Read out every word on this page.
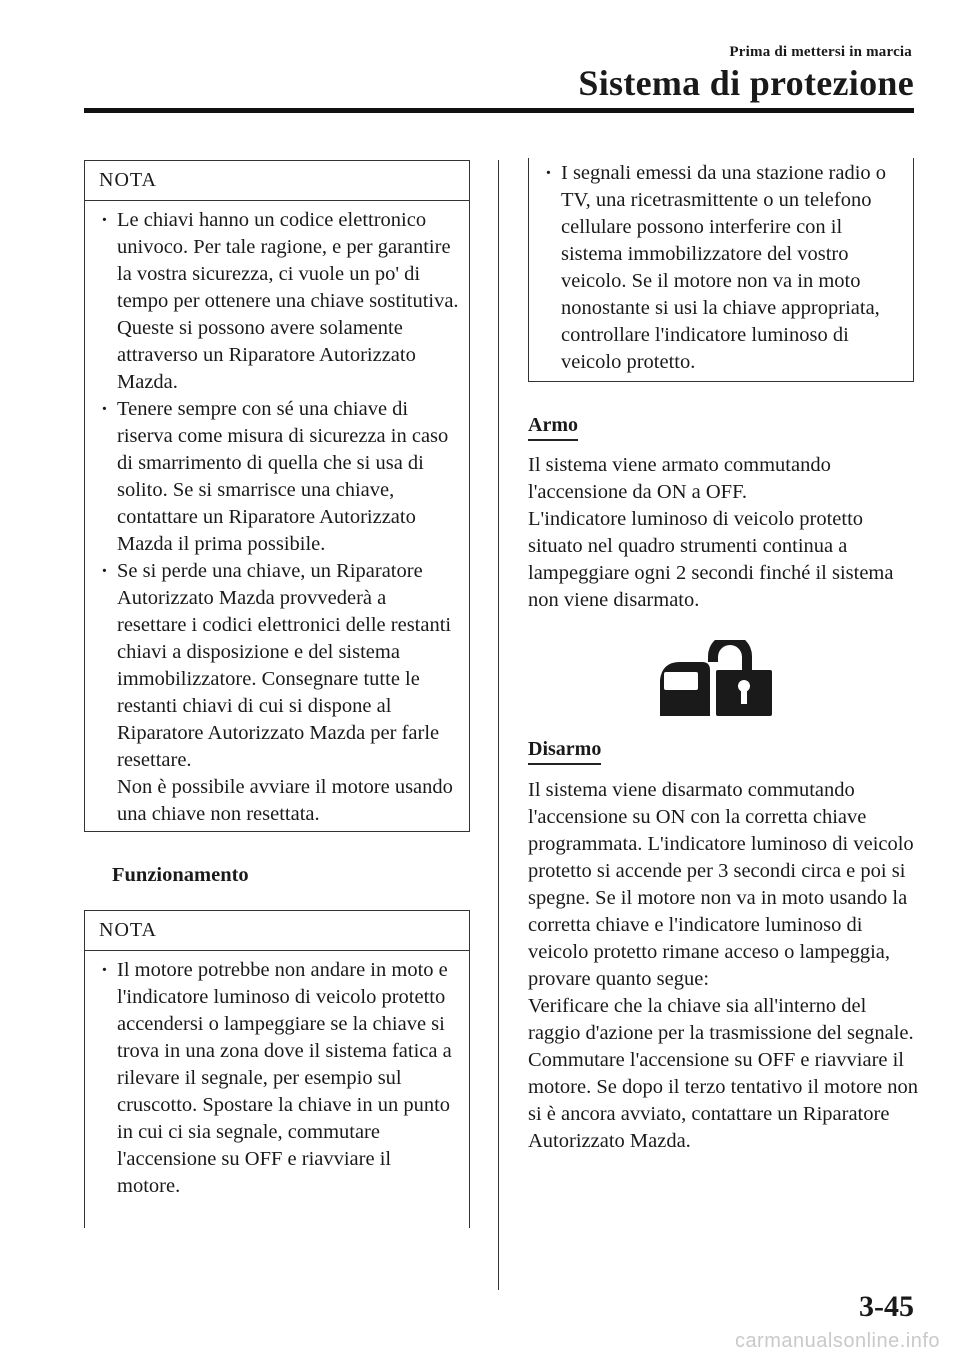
Prima di mettersi in marcia
Sistema di protezione
NOTA
· Le chiavi hanno un codice elettronico univoco. Per tale ragione, e per garantire la vostra sicurezza, ci vuole un po' di tempo per ottenere una chiave sostitutiva. Queste si possono avere solamente attraverso un Riparatore Autorizzato Mazda.
· Tenere sempre con sé una chiave di riserva come misura di sicurezza in caso di smarrimento di quella che si usa di solito. Se si smarrisce una chiave, contattare un Riparatore Autorizzato Mazda il prima possibile.
· Se si perde una chiave, un Riparatore Autorizzato Mazda provvederà a resettare i codici elettronici delle restanti chiavi a disposizione e del sistema immobilizzatore. Consegnare tutte le restanti chiavi di cui si dispone al Riparatore Autorizzato Mazda per farle resettare.
Non è possibile avviare il motore usando una chiave non resettata.
Funzionamento
NOTA
· Il motore potrebbe non andare in moto e l'indicatore luminoso di veicolo protetto accendersi o lampeggiare se la chiave si trova in una zona dove il sistema fatica a rilevare il segnale, per esempio sul cruscotto. Spostare la chiave in un punto in cui ci sia segnale, commutare l'accensione su OFF e riavviare il motore.
· I segnali emessi da una stazione radio o TV, una ricetrasmittente o un telefono cellulare possono interferire con il sistema immobilizzatore del vostro veicolo. Se il motore non va in moto nonostante si usi la chiave appropriata, controllare l'indicatore luminoso di veicolo protetto.
Armo
Il sistema viene armato commutando l'accensione da ON a OFF.
L'indicatore luminoso di veicolo protetto situato nel quadro strumenti continua a lampeggiare ogni 2 secondi finché il sistema non viene disarmato.
Disarmo
Il sistema viene disarmato commutando l'accensione su ON con la corretta chiave programmata. L'indicatore luminoso di veicolo protetto si accende per 3 secondi circa e poi si spegne. Se il motore non va in moto usando la corretta chiave e l'indicatore luminoso di veicolo protetto rimane acceso o lampeggia, provare quanto segue:
Verificare che la chiave sia all'interno del raggio d'azione per la trasmissione del segnale. Commutare l'accensione su OFF e riavviare il motore. Se dopo il terzo tentativo il motore non si è ancora avviato, contattare un Riparatore Autorizzato Mazda.
3-45
carmanualsonline.info
